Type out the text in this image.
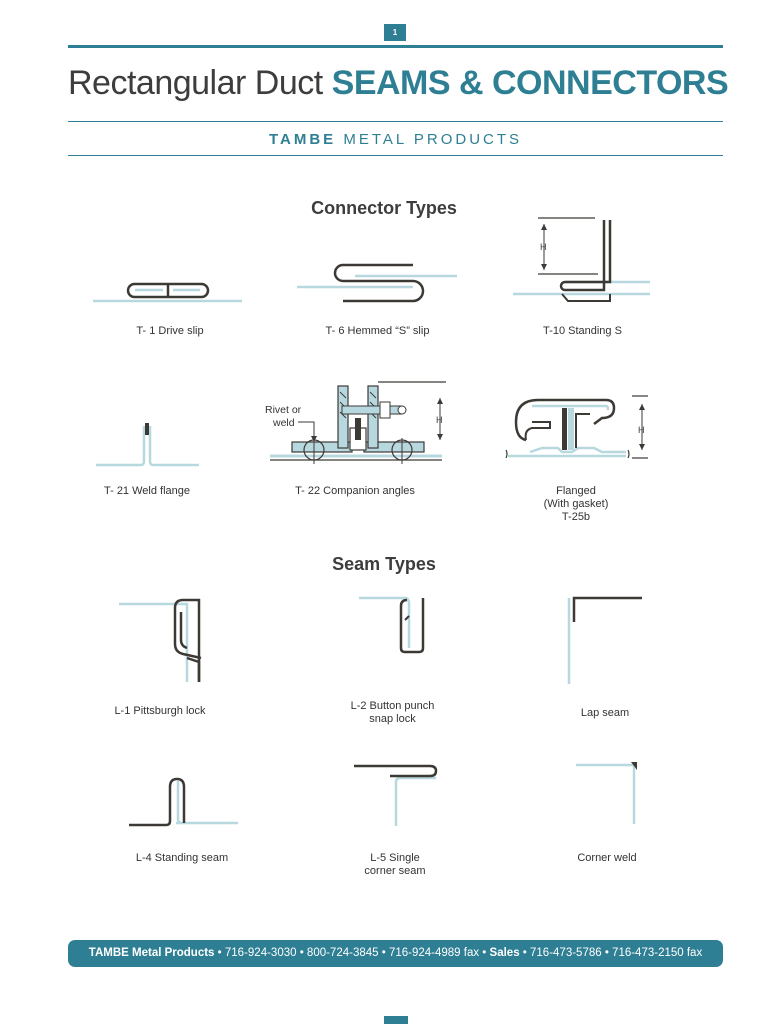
1
Rectangular Duct SEAMS & CONNECTORS
TAMBE METAL PRODUCTS
Connector Types
T- 1 Drive slip	T- 6 Hemmed “S” slip
H
T-10 Standing S
T- 21 Weld flange
Rivet or
weld	H
T- 22 Companion angles
H
Flanged
(With gasket)
T-25b
Seam Types
L-1 Pittsburgh lock	L-2 Button punch
snap lock	Lap seam
L-4 Standing seam	L-5 Single
corner seam
Corner weld
TAMBE Metal Products • 716-924-3030 • 800-724-3845 • 716-924-4989 fax • Sales • 716-473-5786 • 716-473-2150 fax
